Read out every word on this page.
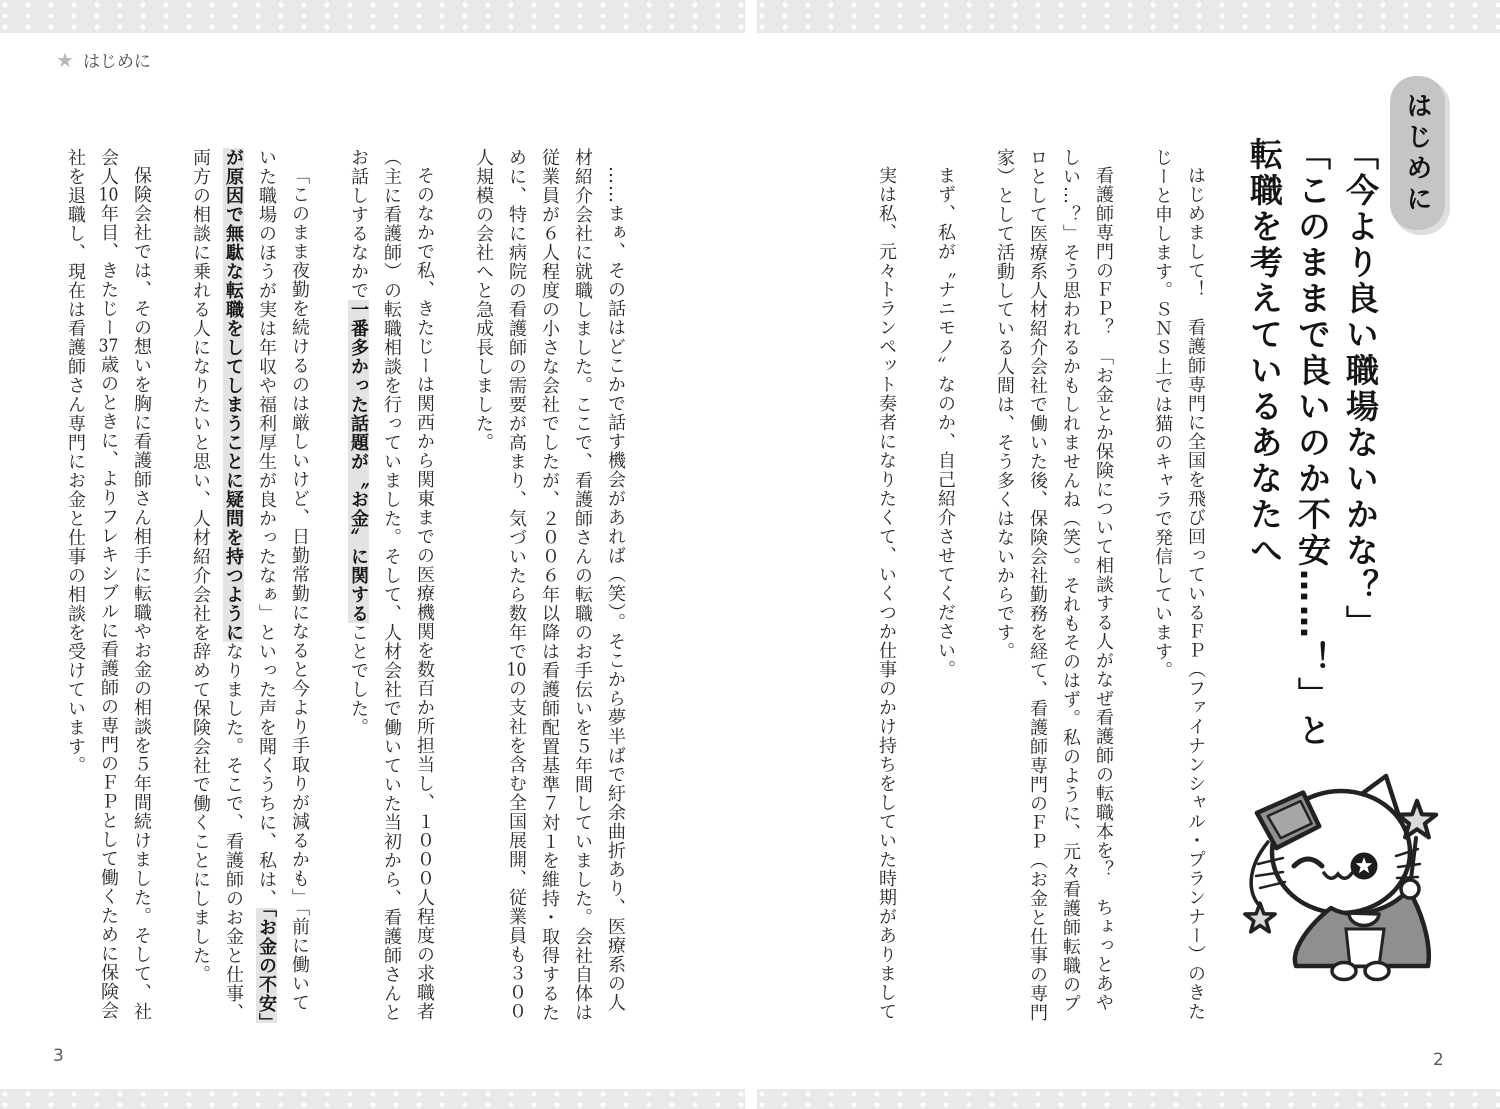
★ はじめに
はじめに
「今より良い職場ないかな？」
「このままで良いのか不安……！」と
転職を考えているあなたへ

はじめまして！　看護師専門に全国を飛び回っているＦＰ（ファイナンシャル・プランナー）のきたじーと申します。ＳＮＳ上では猫のキャラで発信しています。

看護師専門のＦＰ？　「お金とか保険について相談する人がなぜ看護師の転職本を？　ちょっとあやしい…？」そう思われるかもしれませんね（笑）。それもそのはず。私のように、元々看護師転職のプロとして医療系人材紹介会社で働いた後、保険会社勤務を経て、看護師専門のＦＰ（お金と仕事の専門家）として活動している人間は、そう多くはないからです。

まず、私が〝ナニモノ〞なのか、自己紹介させてください。

実は私、元々トランペット奏者になりたくて、いくつか仕事のかけ持ちをしていた時期がありまして

……まぁ、その話はどこかで話す機会があれば（笑）。そこから夢半ばで紆余曲折あり、医療系の人材紹介会社に就職しました。ここで、看護師さんの転職のお手伝いを５年間していました。会社自体は従業員が６人程度の小さな会社でしたが、２００６年以降は看護師配置基準７対１を維持・取得するために、特に病院の看護師の需要が高まり、気づいたら数年で10の支社を含む全国展開、従業員も３００人規模の会社へと急成長しました。

そのなかで私、きたじーは関西から関東までの医療機関を数百か所担当し、１０００人程度の求職者（主に看護師）の転職相談を行っていました。そして、人材会社で働いていた当初から、看護師さんとお話しするなかで一番多かった話題が〝お金〞に関することでした。

「このまま夜勤を続けるのは厳しいけど、日勤常勤になると今より手取りが減るかも」「前に働いていた職場のほうが実は年収や福利厚生が良かったなぁ」といった声を聞くうちに、私は、「お金の不安」が原因で無駄な転職をしてしまうことに疑問を持つようになりました。そこで、看護師のお金と仕事、両方の相談に乗れる人になりたいと思い、人材紹介会社を辞めて保険会社で働くことにしました。

保険会社では、その想いを胸に看護師さん相手に転職やお金の相談を５年間続けました。そして、社会人10年目、きたじー37歳のときに、よりフレキシブルに看護師の専門のＦＰとして働くために保険会社を退職し、現在は看護師さん専門にお金と仕事の相談を受けています。

3	2
